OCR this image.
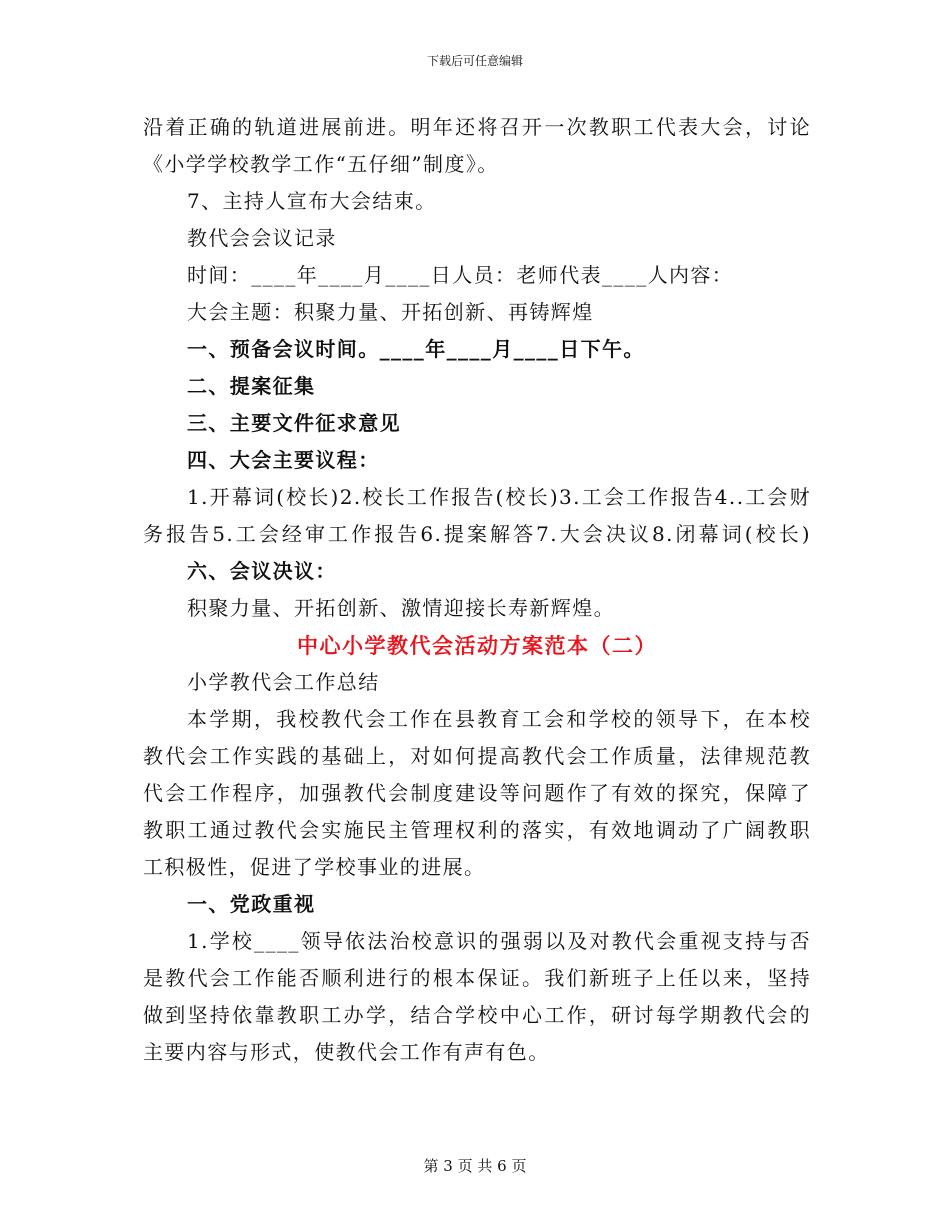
下载后可任意编辑
沿着正确的轨道进展前进。明年还将召开一次教职工代表大会，讨论
《小学学校教学工作“五仔细”制度》。
7、主持人宣布大会结束。
教代会会议记录
时间：____年____月____日人员：老师代表____人内容：
大会主题：积聚力量、开拓创新、再铸辉煌
一、预备会议时间。____年____月____日下午。
二、提案征集
三、主要文件征求意见
四、大会主要议程：
1.开幕词(校长)2.校长工作报告(校长)3.工会工作报告4..工会财
务报告5.工会经审工作报告6.提案解答7.大会决议8.闭幕词(校长)
六、会议决议：
积聚力量、开拓创新、激情迎接长寿新辉煌。
中心小学教代会活动方案范本（二）
小学教代会工作总结
本学期，我校教代会工作在县教育工会和学校的领导下，在本校
教代会工作实践的基础上，对如何提高教代会工作质量，法律规范教
代会工作程序，加强教代会制度建设等问题作了有效的探究，保障了
教职工通过教代会实施民主管理权利的落实，有效地调动了广阔教职
工积极性，促进了学校事业的进展。
一、党政重视
1.学校____领导依法治校意识的强弱以及对教代会重视支持与否
是教代会工作能否顺利进行的根本保证。我们新班子上任以来，坚持
做到坚持依靠教职工办学，结合学校中心工作，研讨每学期教代会的
主要内容与形式，使教代会工作有声有色。
第 3 页 共 6 页
